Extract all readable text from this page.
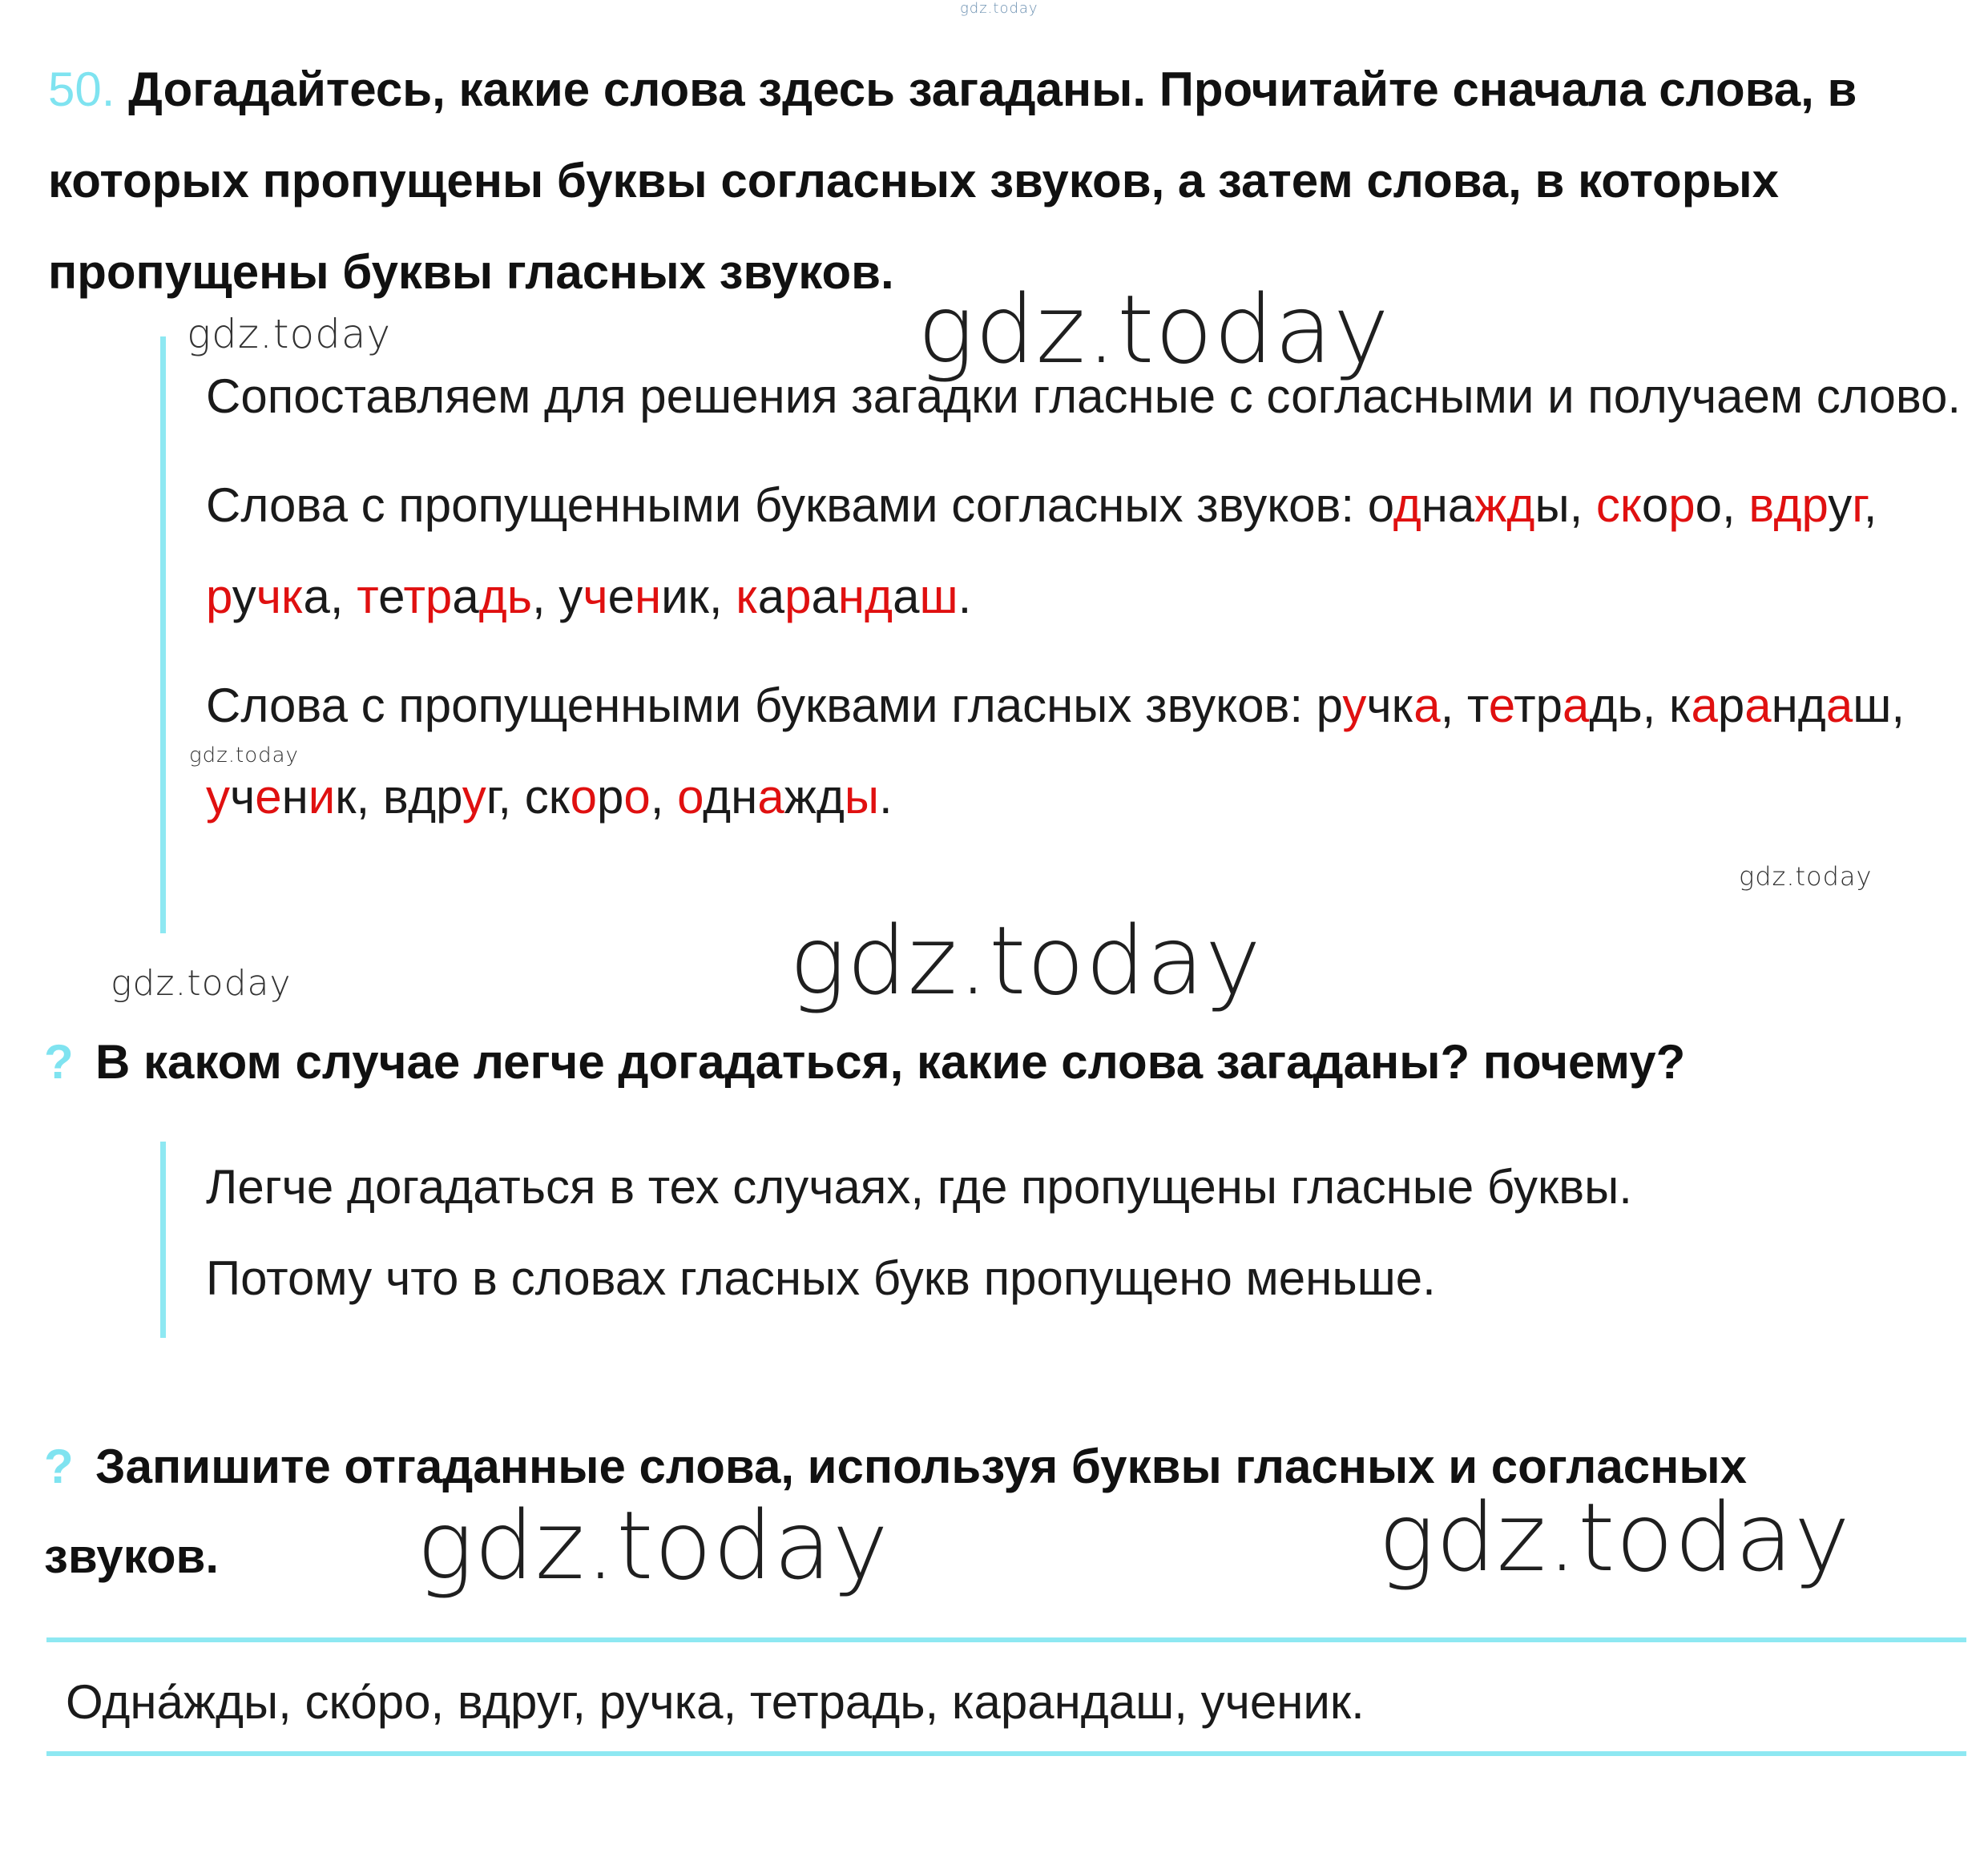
gdz.today
50. Догадайтесь, какие слова здесь загаданы. Прочитайте сначала слова, в которых пропущены буквы согласных звуков, а затем слова, в которых пропущены буквы гласных звуков.

Сопоставляем для решения загадки гласные с согласными и получаем слово.

Слова с пропущенными буквами согласных звуков: однажды, скоро, вдруг, ручка, тетрадь, ученик, карандаш.

Слова с пропущенными буквами гласных звуков: ручка, тетрадь, карандаш, ученик, вдруг, скоро, однажды.

? В каком случае легче догадаться, какие слова загаданы? почему?

Легче догадаться в тех случаях, где пропущены гласные буквы.

Потому что в словах гласных букв пропущено меньше.

? Запишите отгаданные слова, используя буквы гласных и согласных звуков.
Одна́жды, ско́ро, вдруг, ручка, тетрадь, карандаш, ученик.
gdz.today	gdz.today
gdz.today
gdz.today
gdz.today
gdz.today
gdz.today	gdz.today
